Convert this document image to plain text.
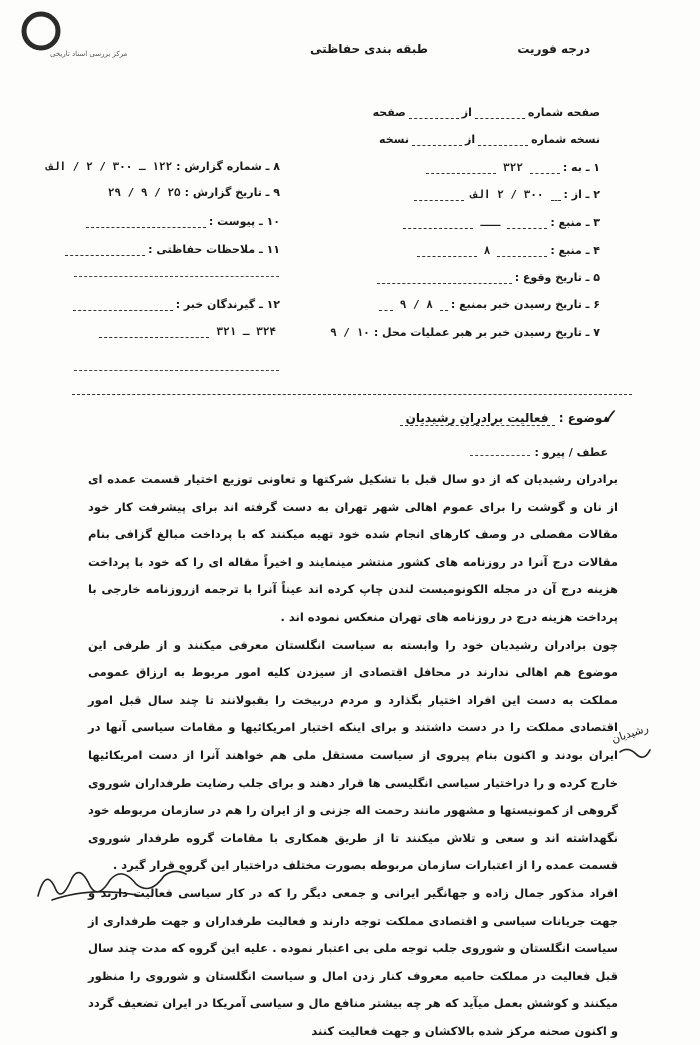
مرکز بررسی اسناد تاریخی	درجه فوریت
طبقه بندی حفاظتی
صفحه شمارهازصفحه
نسخه شمارهازنسخه
۱ ـ به :۳۲۲
۲ ـ از :۳۰۰ / ۲ الف
۳ ـ منبع :ـــ
۴ ـ منبع :۸
۵ ـ تاریخ وقوع :
۶ ـ تاریخ رسیدن خبر بمنبع :۸ / ۹
۷ ـ تاریخ رسیدن خبر بر هبر عملیات محل :۱۰ / ۹
۸ ـ شماره گزارش :۱۲۲ ـ ۳۰۰ / ۲ / الف
۹ ـ تاریخ گزارش :۲۵ / ۹ / ۲۹
۱۰ ـ پیوست :
۱۱ ـ ملاحظات حفاظتی :
۱۲ ـ گیرندگان خبر :
۳۲۴ ـ ۳۲۱
✓
موضوع : فعالیت برادران رشیدیان
عطف / پیرو :

برادران رشیدیان که از دو سال قبل با تشکیل شرکتها و تعاونی توزیع اختیار قسمت عمده ای از نان و گوشت را برای عموم اهالی شهر تهران به دست گرفته اند برای پیشرفت کار خود مقالات مفصلی در وصف کارهای انجام شده خود تهیه میکنند که با پرداخت مبالغ گزافی بنام مقالات درج آنرا در روزنامه های کشور منتشر مینمایند و اخیراً مقاله ای را که خود با پرداخت هزینه درج آن در مجله الکونومیست لندن چاپ کرده اند عیناً آنرا با ترجمه ازروزنامه خارجی با پرداخت هزینه درج در روزنامه های تهران منعکس نموده اند .

چون برادران رشیدیان خود را وابسته به سیاست انگلستان معرفی میکنند و از طرفی این موضوع هم اهالی ندارند در محافل اقتصادی از سیزدن کلیه امور مربوط به ارزاق عمومی مملکت به دست این افراد اختیار بگذارد و مردم دربیخت را بقبولانند تا چند سال قبل امور اقتصادی مملکت را در دست داشتند و برای اینکه اختیار امریکائیها و مقامات سیاسی آنها در ایران بودند و اکنون بنام پیروی از سیاست مستقل ملی هم خواهند آنرا از دست امریکائیها خارج کرده و را دراختیار سیاسی انگلیسی ها قرار دهند و برای جلب رضایت طرفداران شوروی گروهی از کمونیستها و مشهور مانند رحمت اله جزنی و از ایران را هم در سازمان مربوطه خود نگهداشته اند و سعی و تلاش میکنند تا از طریق همکاری با مقامات گروه طرفدار شوروی قسمت عمده را از اعتبارات سازمان مربوطه بصورت مختلف دراختیار این گروه قرار گیرد .

افراد مذکور جمال زاده و جهانگیر ایرانی و جمعی دیگر را که در کار سیاسی فعالیت دارند و جهت جریانات سیاسی و اقتصادی مملکت توجه دارند و فعالیت طرفداران و جهت طرفداری از سیاست انگلستان و شوروی جلب توجه ملی بی اعتبار نموده . علیه این گروه که مدت چند سال قبل فعالیت در مملکت حامیه معروف کنار زدن امال و سیاست انگلستان و شوروی را منظور میکنند و کوشش بعمل میآید که هر چه بیشتر منافع مال و سیاسی آمریکا در ایران تضعیف گردد و اکنون صحنه مرکز شده بالاکشان و جهت فعالیت کنند

رشیدیان
